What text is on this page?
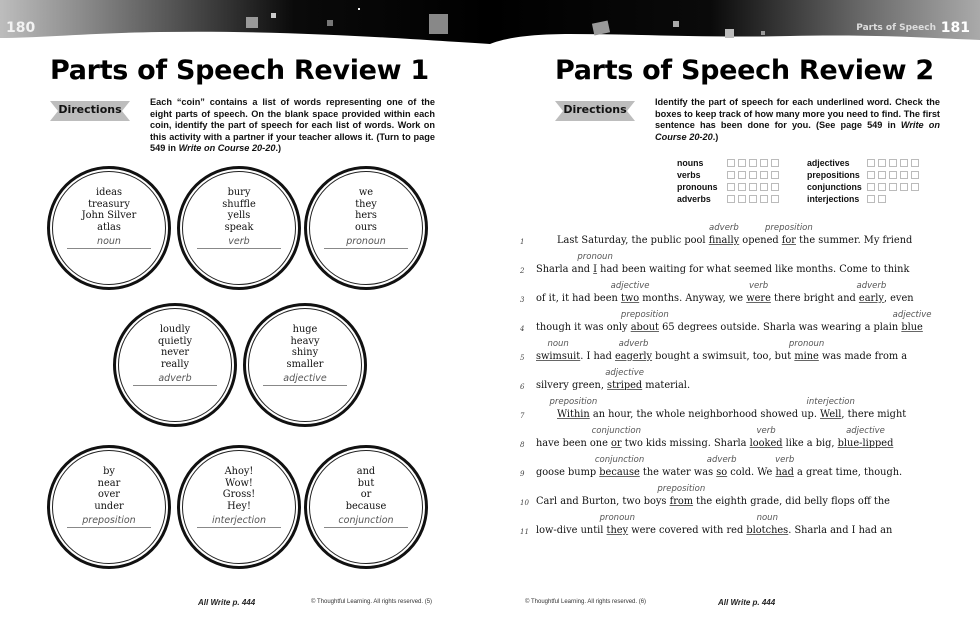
180
Parts of Speech Review 1
Directions
Each “coin” contains a list of words representing one of the eight parts of speech. On the blank space provided within each coin, identify the part of speech for each list of words. Work on this activity with a partner if your teacher allows it. (Turn to page 549 in Write on Course 20-20.)
ideas
treasury
John Silver
atlas
noun
bury
shuffle
yells
speak
verb
we
they
hers
ours
pronoun
loudly
quietly
never
really
adverb
huge
heavy
shiny
smaller
adjective
by
near
over
under
preposition
Ahoy!
Wow!
Gross!
Hey!
interjection
and
but
or
because
conjunction
All Write p. 444	© Thoughtful Learning. All rights reserved. (5)
Parts of Speech 181
Parts of Speech Review 2
Directions
Identify the part of speech for each underlined word. Check the boxes to keep track of how many more you need to find. The first sentence has been done for you. (See page 549 in Write on Course 20-20.)
nouns
verbs
pronouns
adverbs
adjectives
prepositions
conjunctions
interjections
1	Last Saturday, the public pool finally
adverb
opened for
preposition
the summer. My friend
2	Sharla and I
pronoun
had been waiting for what seemed like months. Come to think
3	of it, it had been two
adjective
months. Anyway, we were
verb
there bright and early
adverb
, even
4	though it was only about
preposition
65 degrees outside. Sharla was wearing a plain blue
adjective
5	swimsuit
noun
. I had eagerly
adverb
bought a swimsuit, too, but mine
pronoun
was made from a
6	silvery green, striped
adjective
material.
7	Within
preposition
an hour, the whole neighborhood showed up. Well
interjection
, there might
8	have been one or
conjunction
two kids missing. Sharla looked
verb
like a big, blue-lipped
adjective
9	goose bump because
conjunction
the water was so
adverb
cold. We had
verb
a great time, though.
10 Carl and Burton, two boys from
preposition
the eighth grade, did belly flops off the
11 low-dive until they
pronoun
were covered with red blotches
noun
. Sharla and I had an
© Thoughtful Learning. All rights reserved. (6)	All Write p. 444
